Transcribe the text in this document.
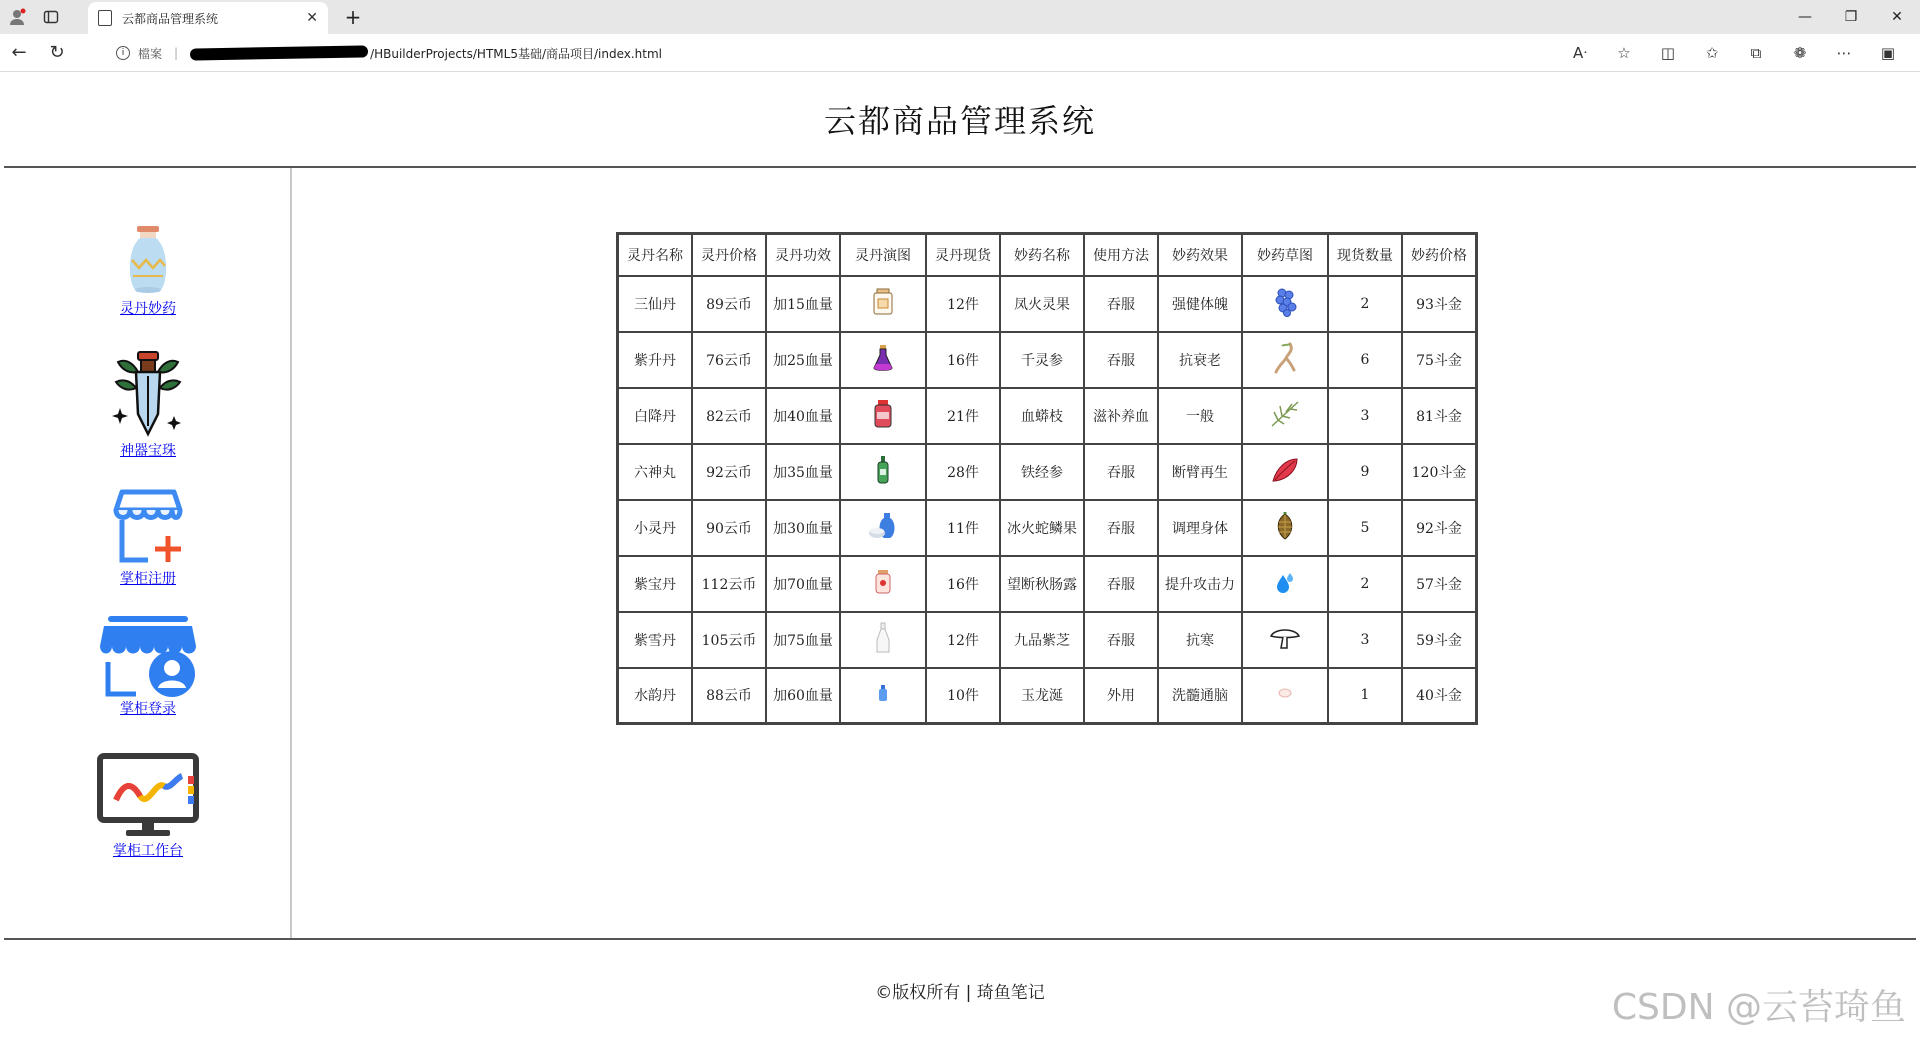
云都商品管理系统	✕	+	—	❐	✕
←	↻	i	檔案 |	/HBuilderProjects/HTML5基础/商品项目/index.html	Aᐧ	☆	◫	✩	⧉	❁	⋯	▣
云都商品管理系统
灵丹妙药
神器宝珠
掌柜注册
掌柜登录
掌柜工作台
灵丹名称	灵丹价格	灵丹功效	灵丹演图	灵丹现货	妙药名称	使用方法	妙药效果	妙药草图	现货数量	妙药价格
三仙丹	89云币	加15血量		12件	凤火灵果	吞服	强健体魄		2	93斗金
紫升丹	76云币	加25血量		16件	千灵参	吞服	抗衰老		6	75斗金
白降丹	82云币	加40血量		21件	血蟒枝	滋补养血	一般		3	81斗金
六神丸	92云币	加35血量		28件	铁经参	吞服	断臂再生		9	120斗金
小灵丹	90云币	加30血量		11件	冰火蛇鳞果	吞服	调理身体		5	92斗金
紫宝丹	112云币	加70血量		16件	望断秋肠露	吞服	提升攻击力		2	57斗金
紫雪丹	105云币	加75血量		12件	九品紫芝	吞服	抗寒		3	59斗金
水韵丹	88云币	加60血量		10件	玉龙涎	外用	洗髓通脑		1	40斗金
©版权所有 | 琦鱼笔记	CSDN @云苔琦鱼
